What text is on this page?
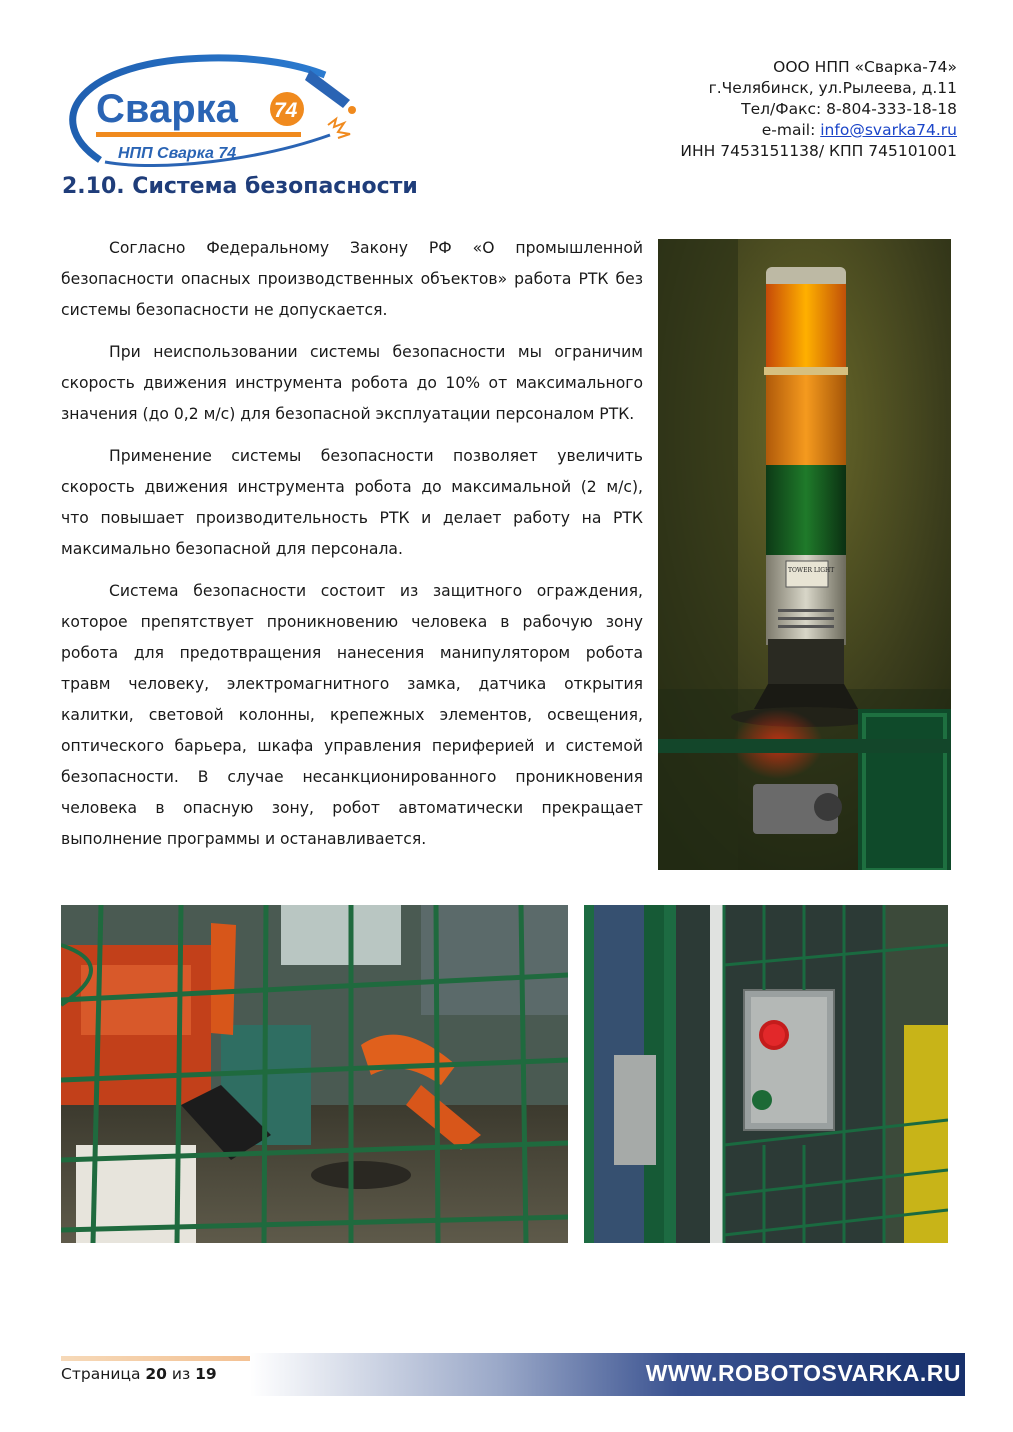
Сварка 74
НПП Сварка 74
ООО НПП «Сварка-74»
г.Челябинск, ул.Рылеева, д.11
Тел/Факс: 8-804-333-18-18
e-mail: info@svarka74.ru
ИНН 7453151138/ КПП 745101001
2.10. Система безопасности

Согласно Федеральному Закону РФ «О промышленной безопасности опасных производственных объектов» работа РТК без системы безопасности не допускается.

При неиспользовании системы безопасности мы ограничим скорость движения инструмента робота до 10% от максимального значения (до 0,2 м/с) для безопасной эксплуатации персоналом РТК.

Применение системы безопасности позволяет увеличить скорость движения инструмента робота до максимальной (2 м/с), что повышает производительность РТК и делает работу на РТК максимально безопасной для персонала.

Система безопасности состоит из защитного ограждения, которое препятствует проникновению человека в рабочую зону робота для предотвращения нанесения манипулятором робота травм человеку, электромагнитного замка, датчика открытия калитки, световой колонны, крепежных элементов, освещения, оптического барьера, шкафа управления периферией и системой безопасности. В случае несанкционированного проникновения человека в опасную зону, робот автоматически прекращает выполнение программы и останавливается.

TOWER LIGHT
Страница 20 из 19	WWW.ROBOTOSVARKA.RU
